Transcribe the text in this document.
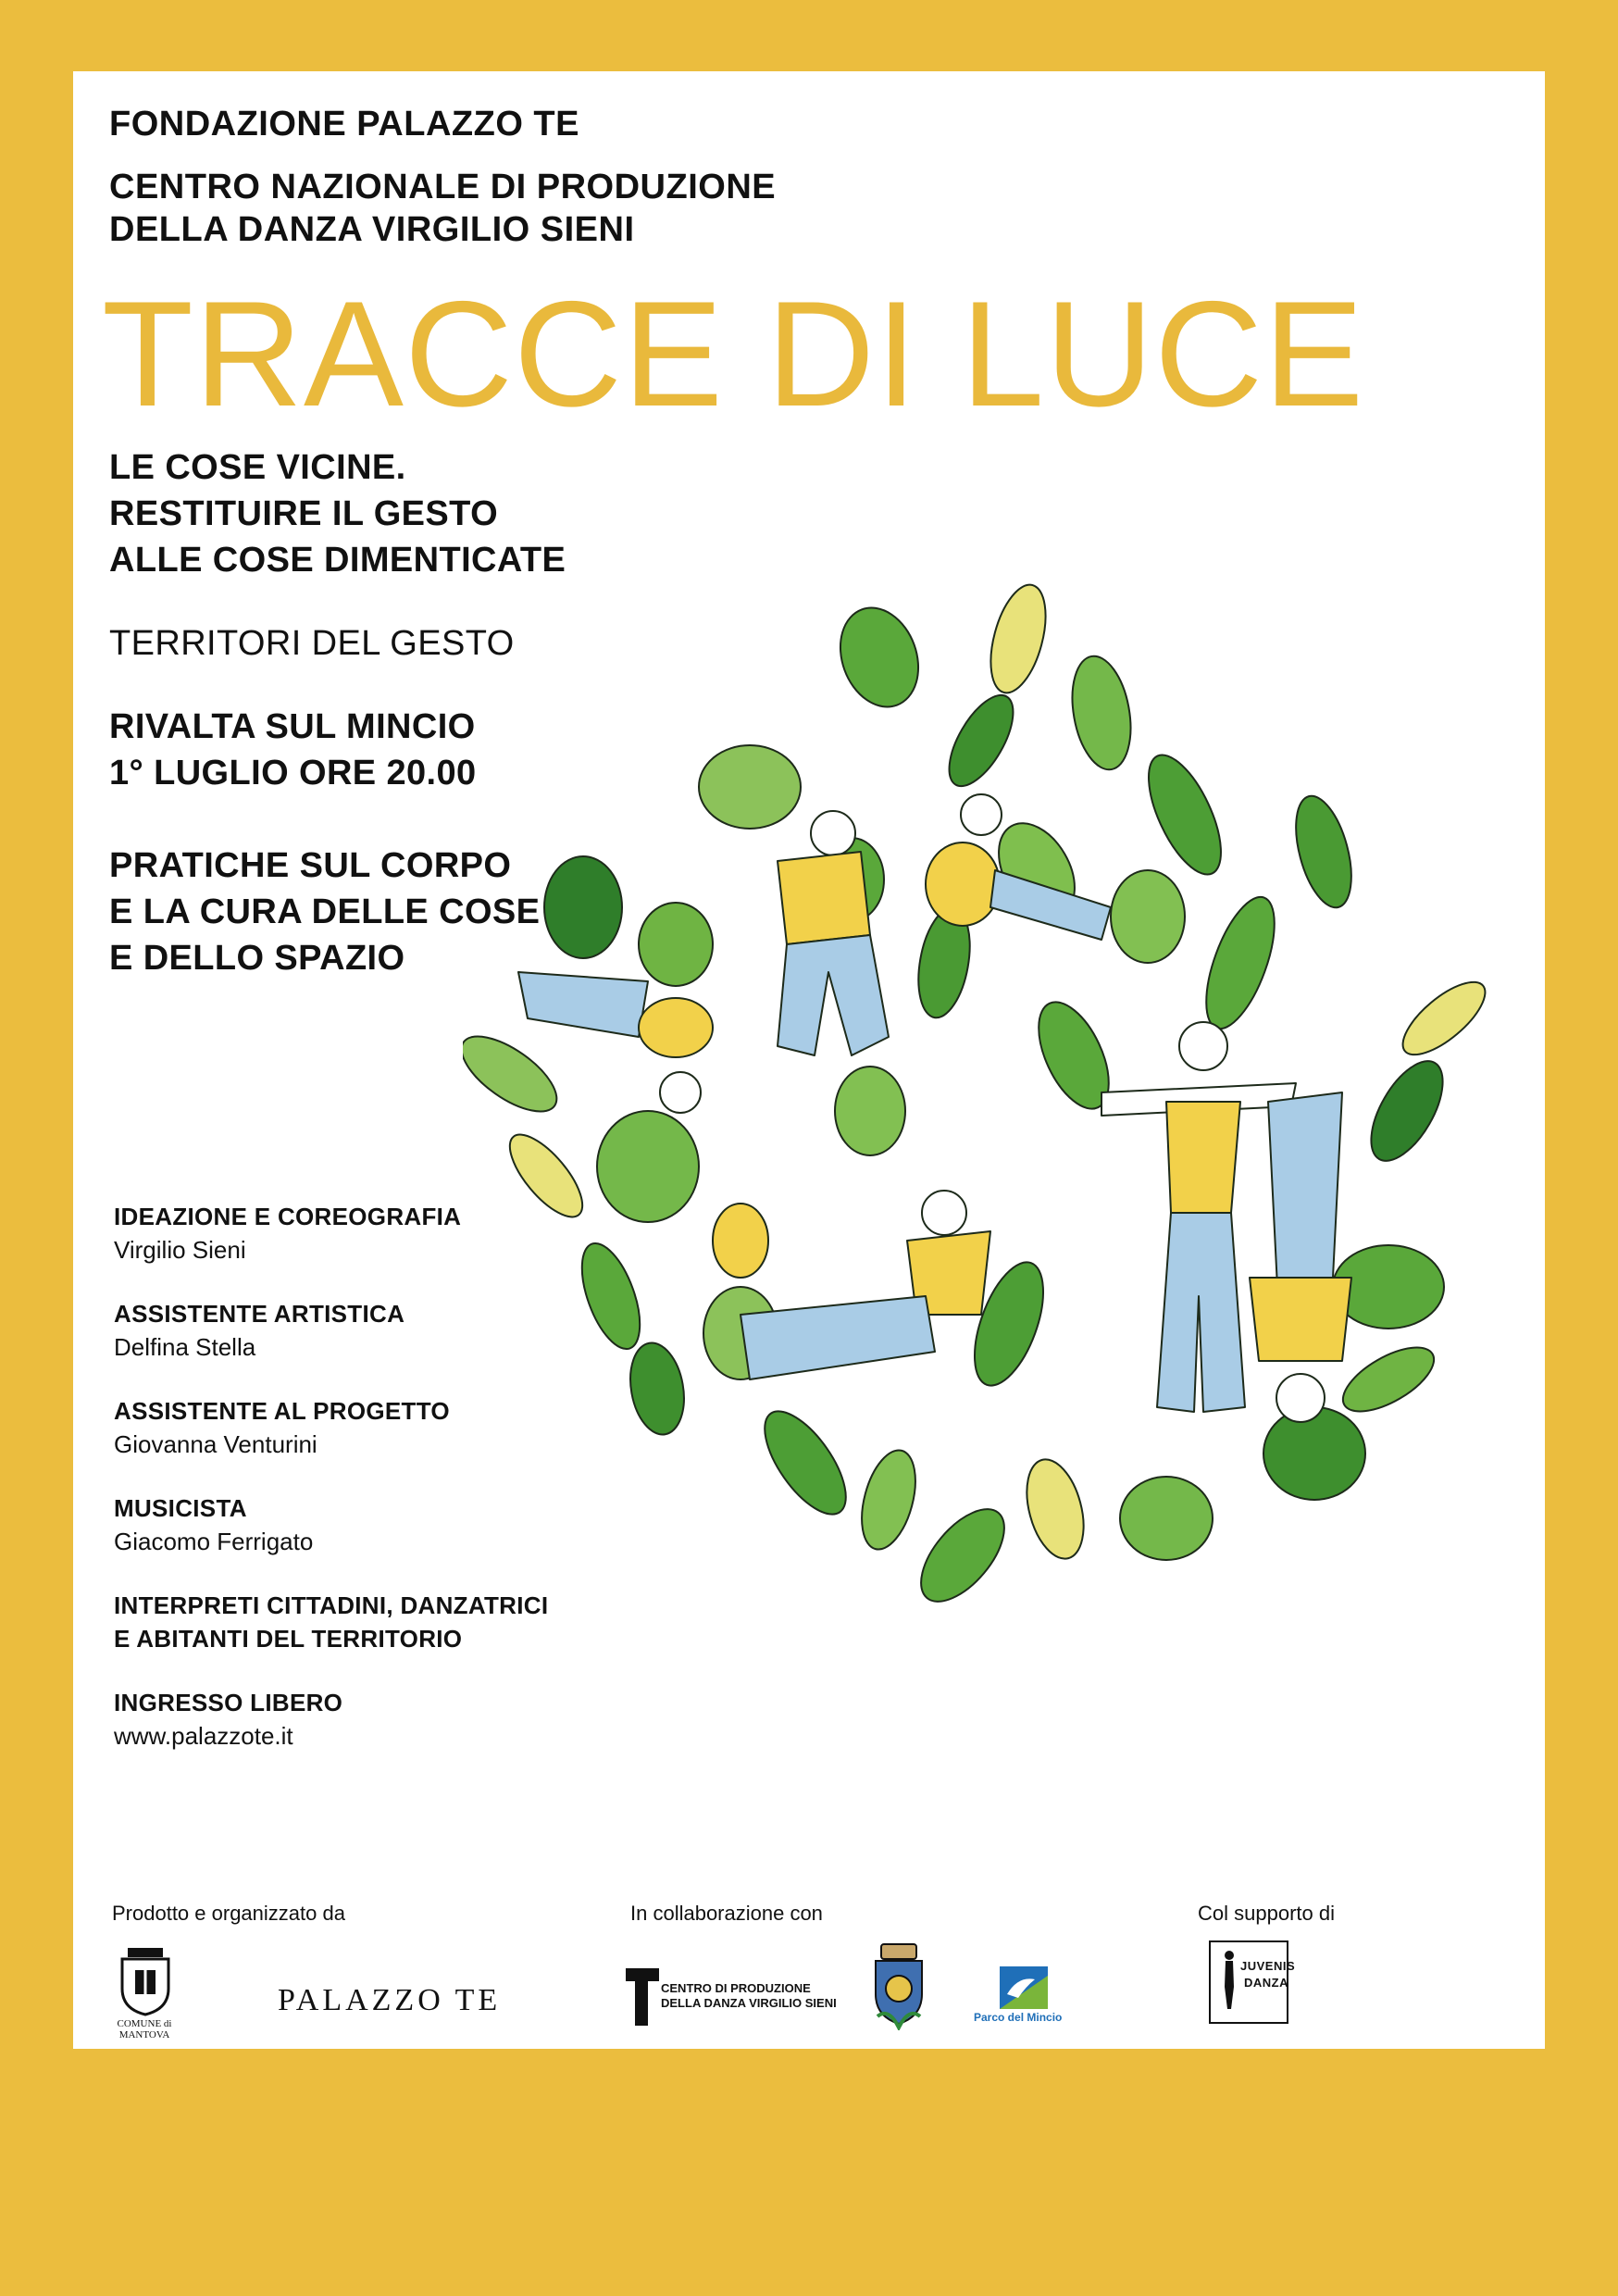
FONDAZIONE PALAZZO TE
CENTRO NAZIONALE DI PRODUZIONE
DELLA DANZA VIRGILIO SIENI
TRACCE DI LUCE
LE COSE VICINE.
RESTITUIRE IL GESTO
ALLE COSE DIMENTICATE
TERRITORI DEL GESTO
RIVALTA SUL MINCIO
1° LUGLIO ORE 20.00
PRATICHE SUL CORPO
E LA CURA DELLE COSE
E DELLO SPAZIO
IDEAZIONE E COREOGRAFIA
Virgilio Sieni
ASSISTENTE ARTISTICA
Delfina Stella
ASSISTENTE AL PROGETTO
Giovanna Venturini
MUSICISTA
Giacomo Ferrigato
INTERPRETI CITTADINI, DANZATRICI
E ABITANTI DEL TERRITORIO
INGRESSO LIBERO
www.palazzote.it
Prodotto e organizzato da	In collaborazione con	Col supporto di
COMUNE di
MANTOVA
PALAZZO TE	CENTRO DI PRODUZIONE
DELLA DANZA VIRGILIO SIENI
Parco del Mincio
JUVENIS
DANZA
